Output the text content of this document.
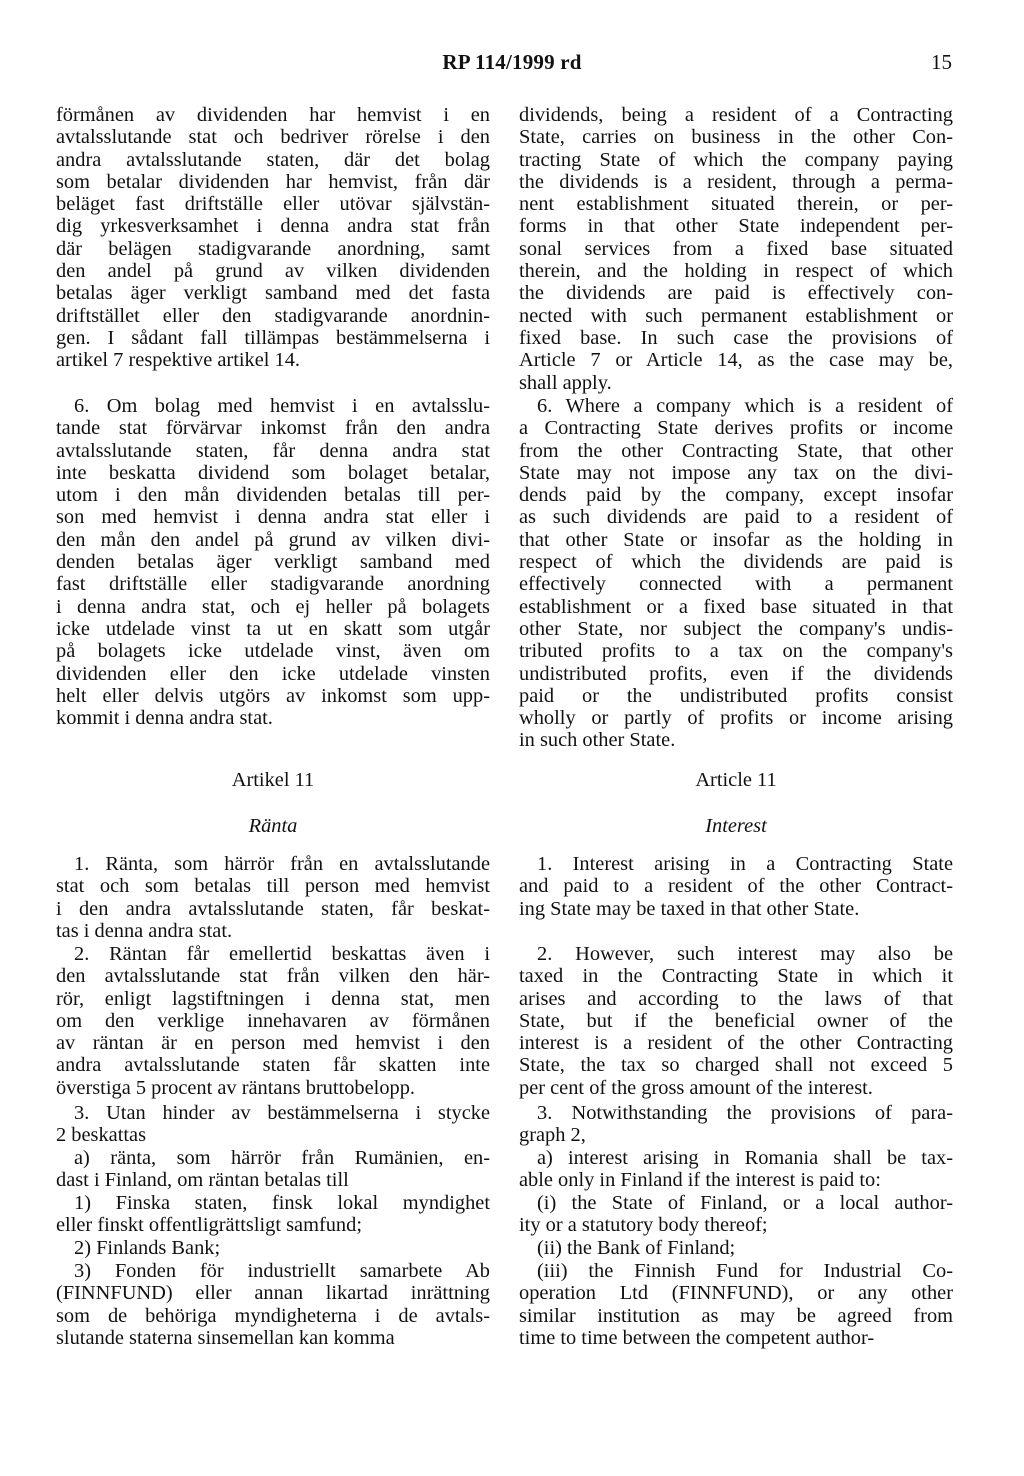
RP 114/1999 rd	15
förmånen av dividenden har hemvist i en
avtalsslutande stat och bedriver rörelse i den
andra avtalsslutande staten, där det bolag
som betalar dividenden har hemvist, från där
beläget fast driftställe eller utövar självstän-
dig yrkesverksamhet i denna andra stat från
där belägen stadigvarande anordning, samt
den andel på grund av vilken dividenden
betalas äger verkligt samband med det fasta
driftstället eller den stadigvarande anordnin-
gen. I sådant fall tillämpas bestämmelserna i
artikel 7 respektive artikel 14.
6. Om bolag med hemvist i en avtalsslu-
tande stat förvärvar inkomst från den andra
avtalsslutande staten, får denna andra stat
inte beskatta dividend som bolaget betalar,
utom i den mån dividenden betalas till per-
son med hemvist i denna andra stat eller i
den mån den andel på grund av vilken divi-
denden betalas äger verkligt samband med
fast driftställe eller stadigvarande anordning
i denna andra stat, och ej heller på bolagets
icke utdelade vinst ta ut en skatt som utgår
på bolagets icke utdelade vinst, även om
dividenden eller den icke utdelade vinsten
helt eller delvis utgörs av inkomst som upp-
kommit i denna andra stat.
Artikel 11
Ränta
1. Ränta, som härrör från en avtalsslutande
stat och som betalas till person med hemvist
i den andra avtalsslutande staten, får beskat-
tas i denna andra stat.
2. Räntan får emellertid beskattas även i
den avtalsslutande stat från vilken den här-
rör, enligt lagstiftningen i denna stat, men
om den verklige innehavaren av förmånen
av räntan är en person med hemvist i den
andra avtalsslutande staten får skatten inte
överstiga 5 procent av räntans bruttobelopp.
3. Utan hinder av bestämmelserna i stycke
2 beskattas
a) ränta, som härrör från Rumänien, en-
dast i Finland, om räntan betalas till
1) Finska staten, finsk lokal myndighet
eller finskt offentligrättsligt samfund;
2) Finlands Bank;
3) Fonden för industriellt samarbete Ab
(FINNFUND) eller annan likartad inrättning
som de behöriga myndigheterna i de avtals-
slutande staterna sinsemellan kan komma
dividends, being a resident of a Contracting
State, carries on business in the other Con-
tracting State of which the company paying
the dividends is a resident, through a perma-
nent establishment situated therein, or per-
forms in that other State independent per-
sonal services from a fixed base situated
therein, and the holding in respect of which
the dividends are paid is effectively con-
nected with such permanent establishment or
fixed base. In such case the provisions of
Article 7 or Article 14, as the case may be,
shall apply.
6. Where a company which is a resident of
a Contracting State derives profits or income
from the other Contracting State, that other
State may not impose any tax on the divi-
dends paid by the company, except insofar
as such dividends are paid to a resident of
that other State or insofar as the holding in
respect of which the dividends are paid is
effectively connected with a permanent
establishment or a fixed base situated in that
other State, nor subject the company's undis-
tributed profits to a tax on the company's
undistributed profits, even if the dividends
paid or the undistributed profits consist
wholly or partly of profits or income arising
in such other State.
Article 11
Interest
1. Interest arising in a Contracting State
and paid to a resident of the other Contract-
ing State may be taxed in that other State.
2. However, such interest may also be
taxed in the Contracting State in which it
arises and according to the laws of that
State, but if the beneficial owner of the
interest is a resident of the other Contracting
State, the tax so charged shall not exceed 5
per cent of the gross amount of the interest.
3. Notwithstanding the provisions of para-
graph 2,
a) interest arising in Romania shall be tax-
able only in Finland if the interest is paid to:
(i) the State of Finland, or a local author-
ity or a statutory body thereof;
(ii) the Bank of Finland;
(iii) the Finnish Fund for Industrial Co-
operation Ltd (FINNFUND), or any other
similar institution as may be agreed from
time to time between the competent author-
